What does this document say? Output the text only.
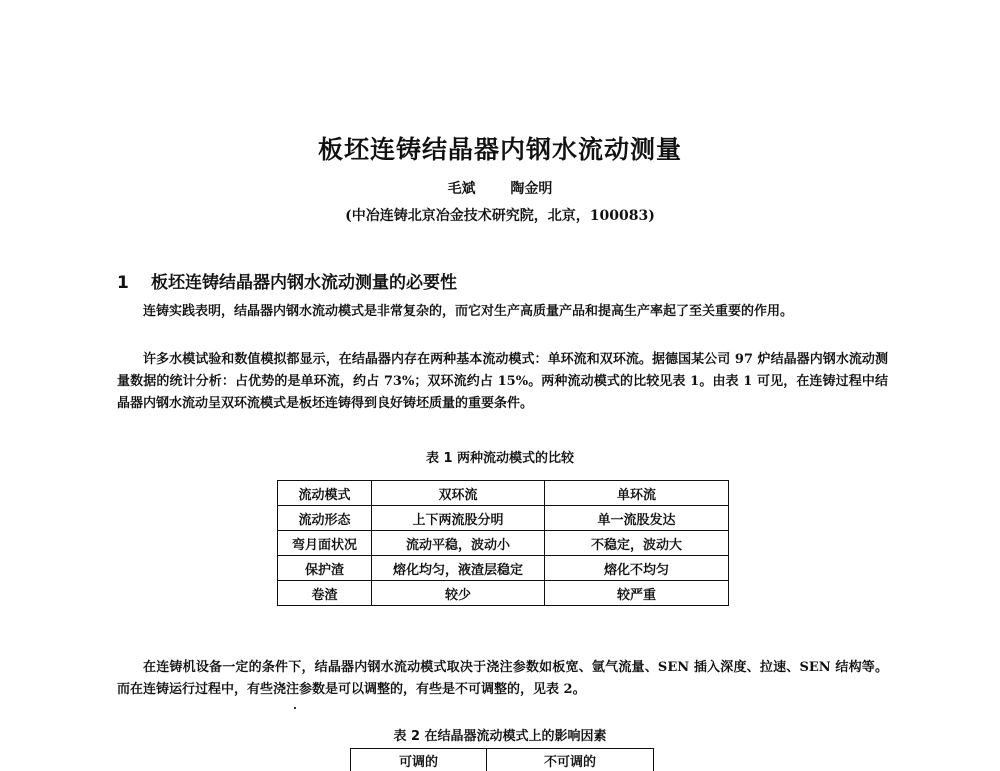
板坯连铸结晶器内钢水流动测量
毛斌 陶金明
(中冶连铸北京冶金技术研究院，北京，100083)
1 板坯连铸结晶器内钢水流动测量的必要性
连铸实践表明，结晶器内钢水流动模式是非常复杂的，而它对生产高质量产品和提高生产率起了至关重要的作用。
许多水模试验和数值模拟都显示，在结晶器内存在两种基本流动模式：单环流和双环流。据德国某公司 97 炉结晶器内钢水流动测量数据的统计分析：占优势的是单环流，约占 73%；双环流约占 15%。两种流动模式的比较见表 1。由表 1 可见，在连铸过程中结晶器内钢水流动呈双环流模式是板坯连铸得到良好铸坯质量的重要条件。
表 1 两种流动模式的比较
流动模式	双环流	单环流
流动形态	上下两流股分明	单一流股发达
弯月面状况	流动平稳，波动小	不稳定，波动大
保护渣	熔化均匀，液渣层稳定	熔化不均匀
卷渣	较少	较严重
在连铸机设备一定的条件下，结晶器内钢水流动模式取决于浇注参数如板宽、氩气流量、SEN 插入深度、拉速、SEN 结构等。而在连铸运行过程中，有些浇注参数是可以调整的，有些是不可调整的，见表 2。
表 2 在结晶器流动模式上的影响因素
可调的	不可调的
